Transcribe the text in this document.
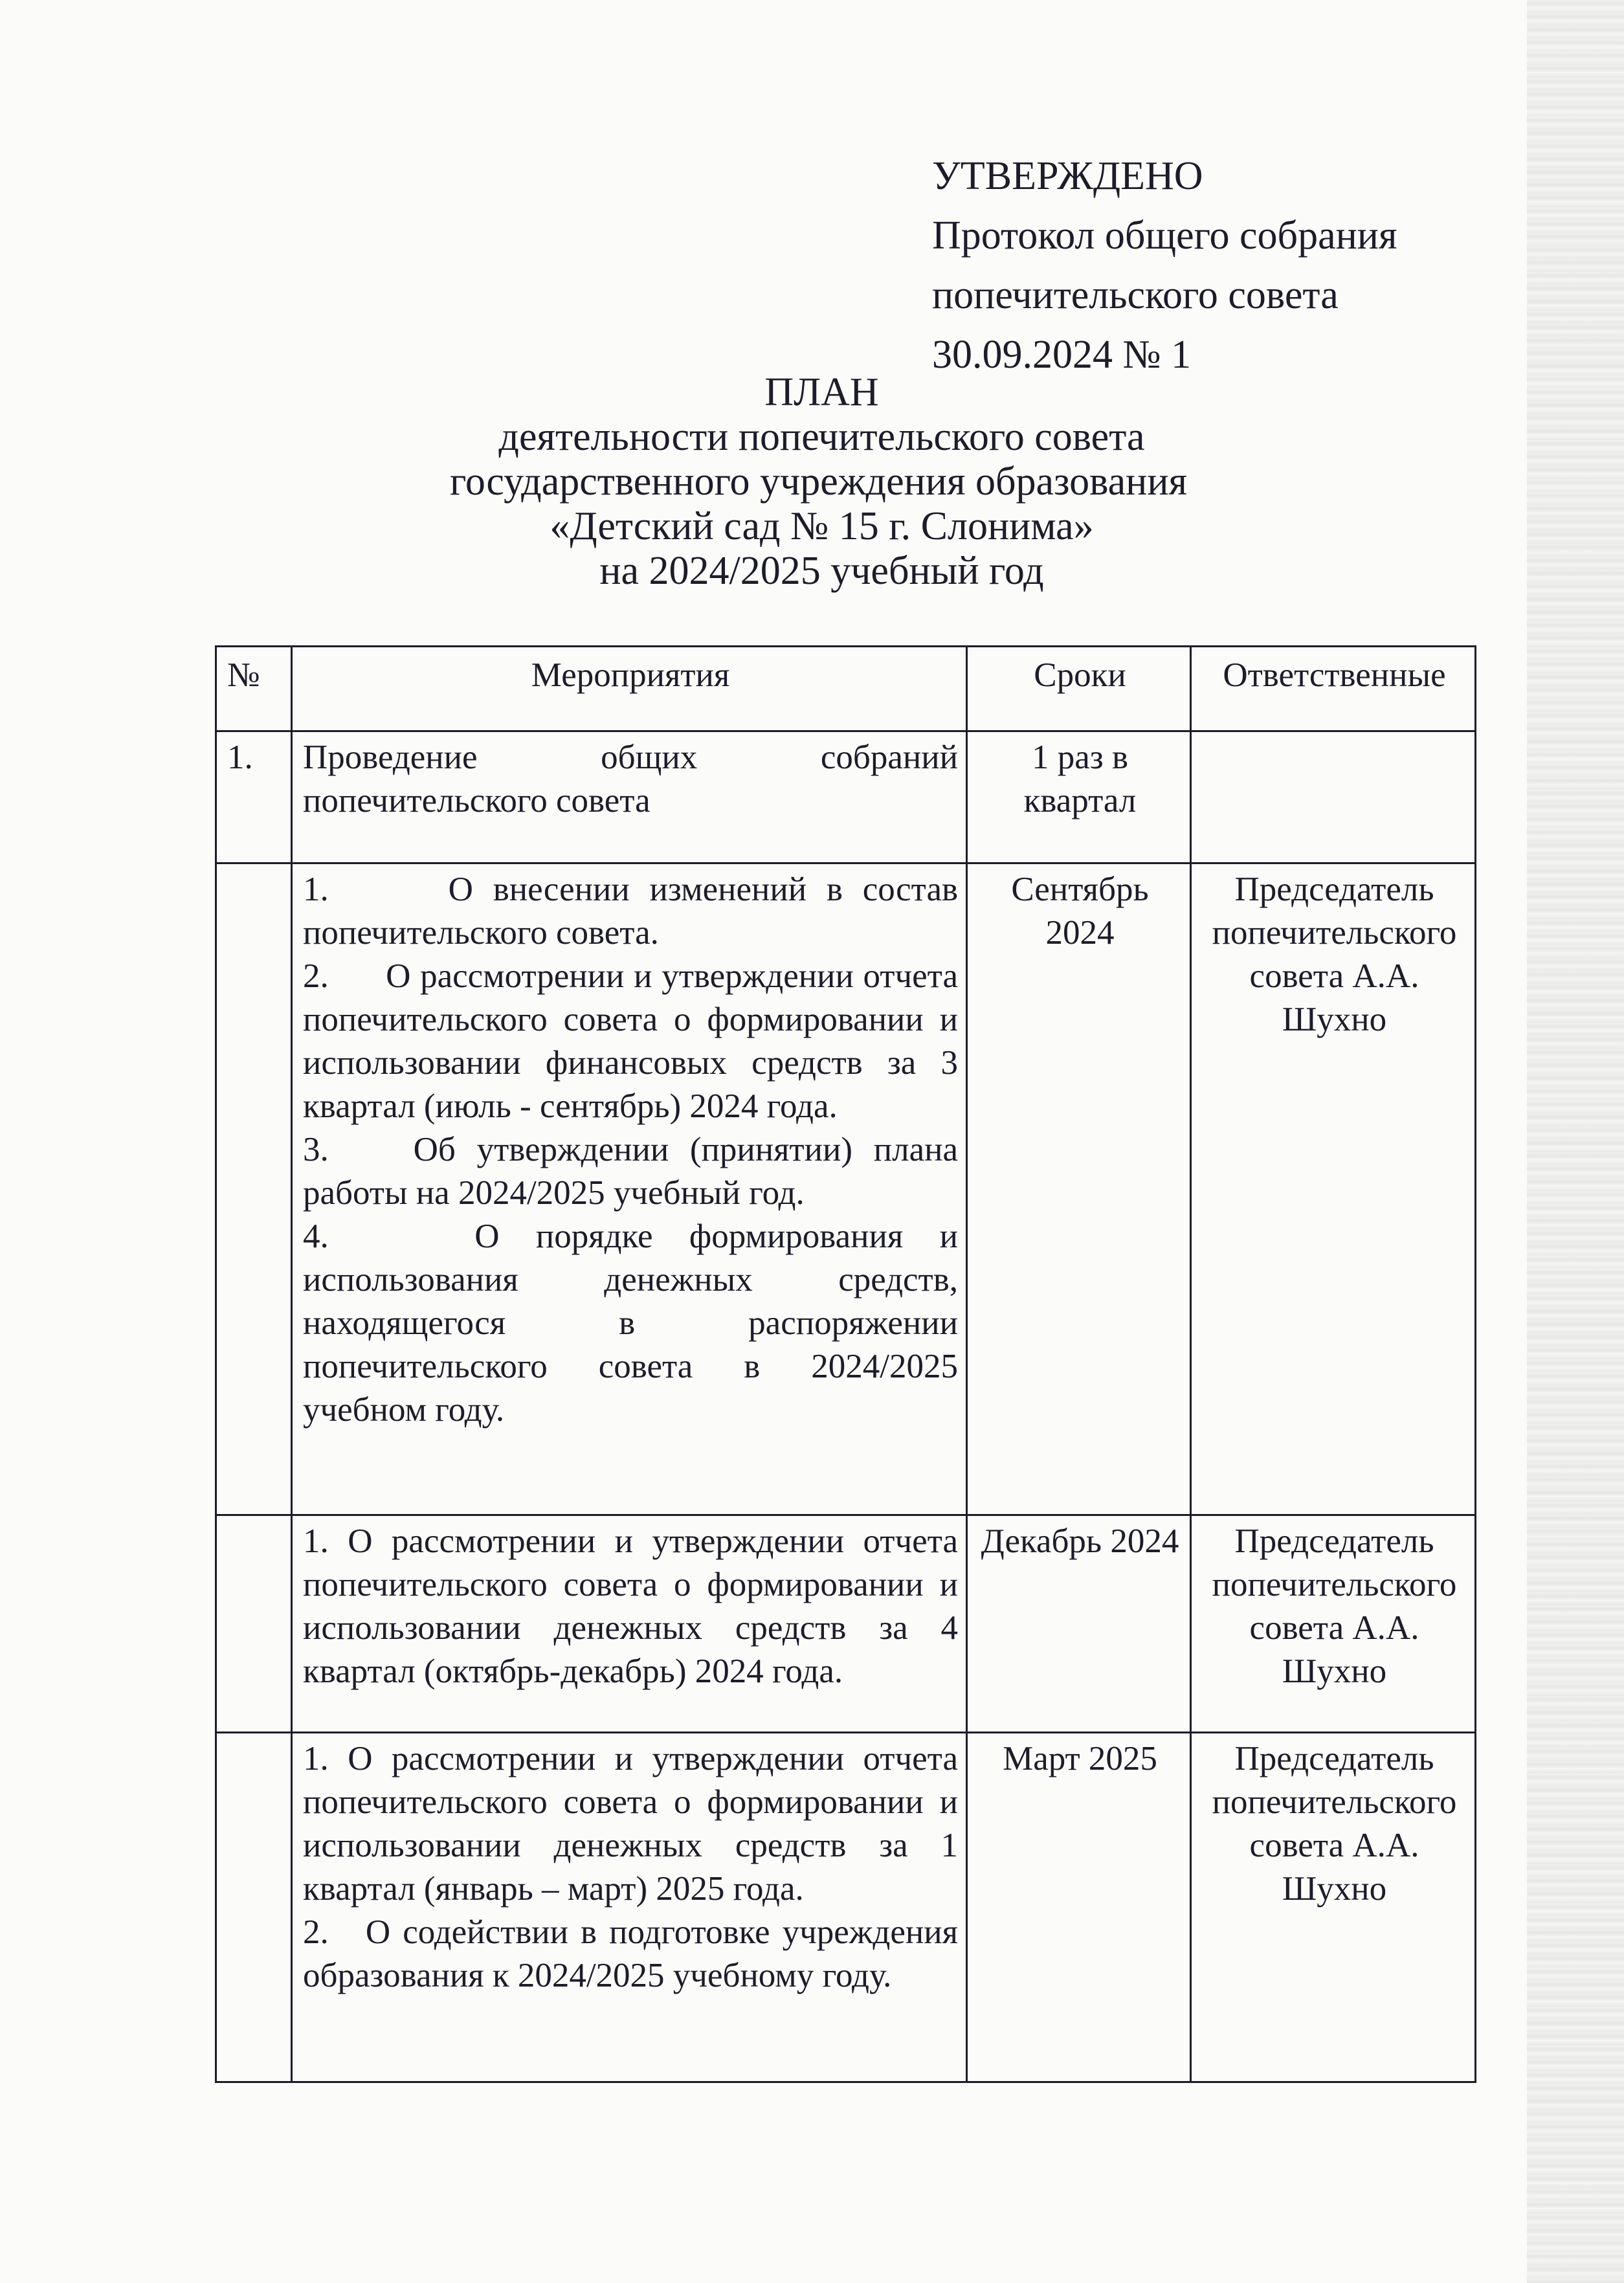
УТВЕРЖДЕНО
Протокол общего собрания
попечительского совета
30.09.2024 № 1
ПЛАН
деятельности попечительского совета
государственного учреждения образования
«Детский сад № 15 г. Слонима»
на 2024/2025 учебный год
№	Мероприятия	Сроки	Ответственные
1.	Проведение общих собраний попечительского совета	1 раз в квартал	

	1.      О внесении изменений в состав попечительского совета.
2.      О рассмотрении и утверждении отчета попечительского совета о формировании и использовании финансовых средств за 3 квартал (июль - сентябрь) 2024 года.
3.    Об утверждении (принятии) плана работы на 2024/2025 учебный год.
4.    О порядке формирования и использования денежных средств, находящегося в распоряжении попечительского совета в 2024/2025 учебном году.	Сентябрь 2024	Председатель попечительского совета А.А. Шухно

	1. О рассмотрении и утверждении отчета попечительского совета о формировании и использовании денежных средств за 4 квартал (октябрь-декабрь) 2024 года.	Декабрь 2024	Председатель попечительского совета А.А. Шухно

	1. О рассмотрении и утверждении отчета попечительского совета о формировании и использовании денежных средств за 1 квартал (январь – март) 2025 года.
2.   О содействии в подготовке учреждения образования к 2024/2025 учебному году.	Март 2025	Председатель попечительского совета А.А. Шухно
